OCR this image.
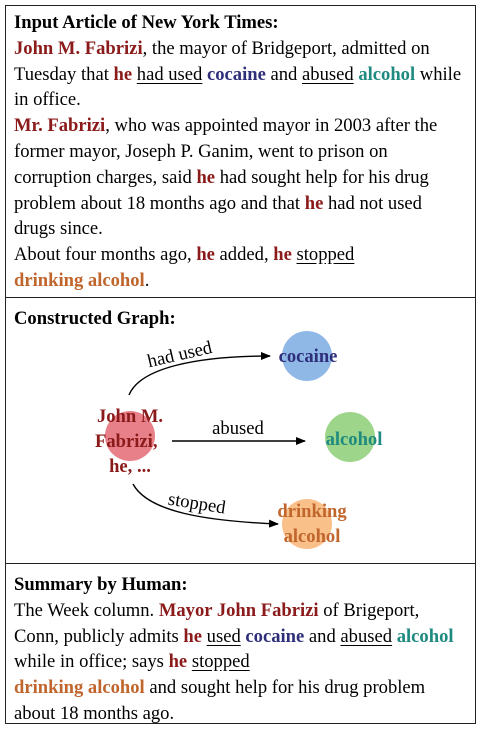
Input Article of New York Times:
John M. Fabrizi, the mayor of Bridgeport, admitted on Tuesday that he had used cocaine and abused alcohol while in office.
Mr. Fabrizi, who was appointed mayor in 2003 after the former mayor, Joseph P. Ganim, went to prison on corruption charges, said he had sought help for his drug problem about 18 months ago and that he had not used drugs since.
About four months ago, he added, he stopped
drinking alcohol.
Constructed Graph:
had used
abused
stopped
John M.
Fabrizi,
he, ...
cocaine
alcohol
drinking
alcohol
Summary by Human:
The Week column. Mayor John Fabrizi of Brigeport, Conn, publicly admits he used cocaine and abused alcohol while in office; says he stopped
drinking alcohol and sought help for his drug problem about 18 months ago.
